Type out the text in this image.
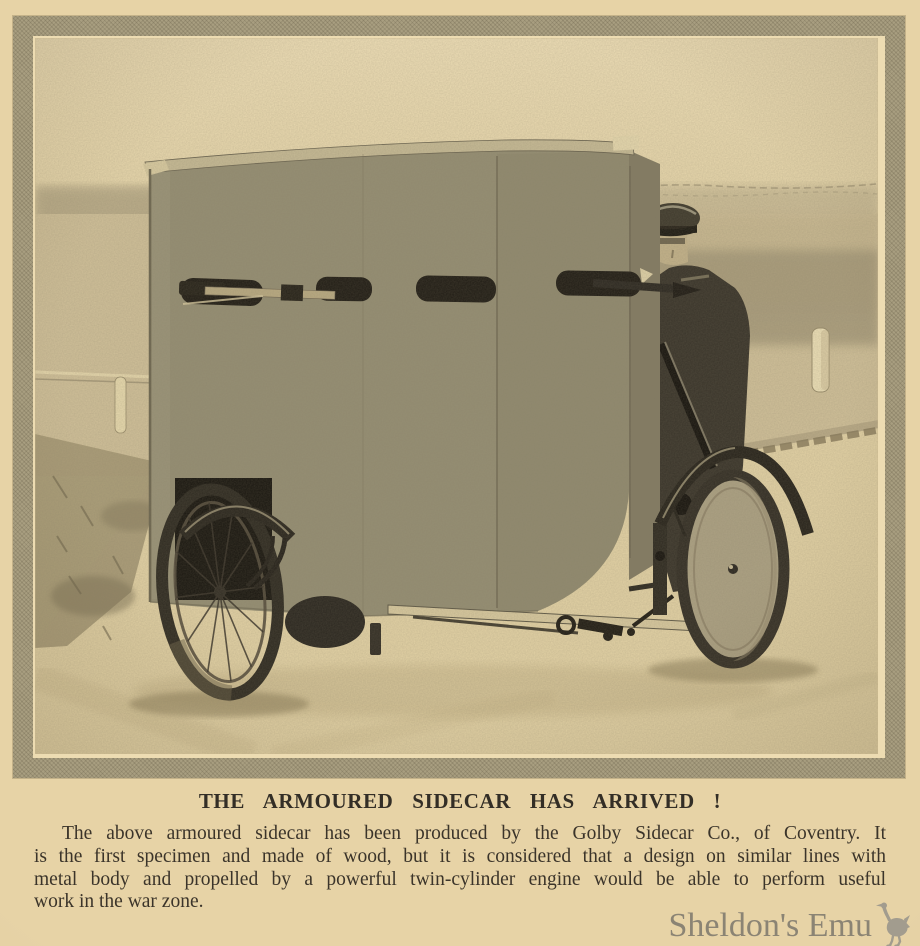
THE ARMOURED SIDECAR HAS ARRIVED !
The above armoured sidecar has been produced by the Golby Sidecar Co., of Coventry. It
is the first specimen and made of wood, but it is considered that a design on similar lines with
metal body and propelled by a powerful twin-cylinder engine would be able to perform useful
work in the war zone.
Sheldon's Emu
